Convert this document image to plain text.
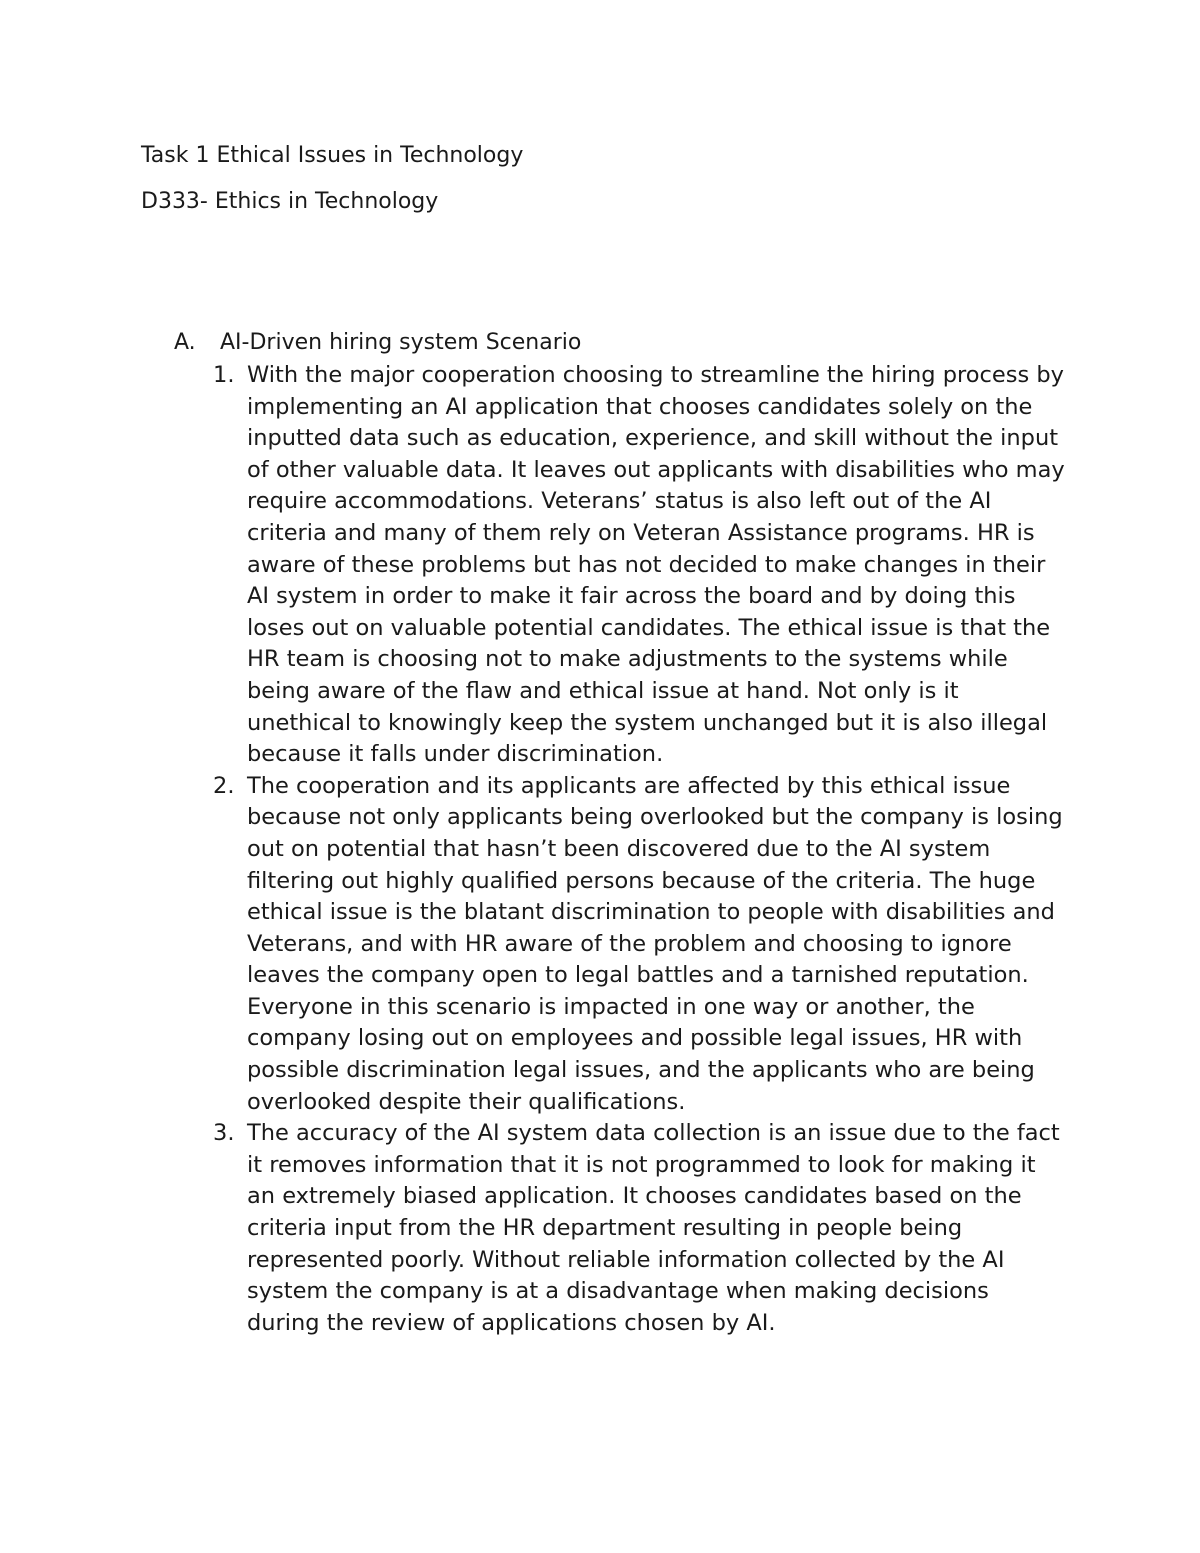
Task 1 Ethical Issues in Technology
D333- Ethics in Technology
A. AI-Driven hiring system Scenario
1. With the major cooperation choosing to streamline the hiring process by implementing an AI application that chooses candidates solely on the inputted data such as education, experience, and skill without the input of other valuable data. It leaves out applicants with disabilities who may require accommodations. Veterans’ status is also left out of the AI criteria and many of them rely on Veteran Assistance programs. HR is aware of these problems but has not decided to make changes in their AI system in order to make it fair across the board and by doing this loses out on valuable potential candidates. The ethical issue is that the HR team is choosing not to make adjustments to the systems while being aware of the flaw and ethical issue at hand. Not only is it unethical to knowingly keep the system unchanged but it is also illegal because it falls under discrimination.
2. The cooperation and its applicants are affected by this ethical issue because not only applicants being overlooked but the company is losing out on potential that hasn’t been discovered due to the AI system filtering out highly qualified persons because of the criteria. The huge ethical issue is the blatant discrimination to people with disabilities and Veterans, and with HR aware of the problem and choosing to ignore leaves the company open to legal battles and a tarnished reputation. Everyone in this scenario is impacted in one way or another, the company losing out on employees and possible legal issues, HR with possible discrimination legal issues, and the applicants who are being overlooked despite their qualifications.
3. The accuracy of the AI system data collection is an issue due to the fact it removes information that it is not programmed to look for making it an extremely biased application. It chooses candidates based on the criteria input from the HR department resulting in people being represented poorly. Without reliable information collected by the AI system the company is at a disadvantage when making decisions during the review of applications chosen by AI.
